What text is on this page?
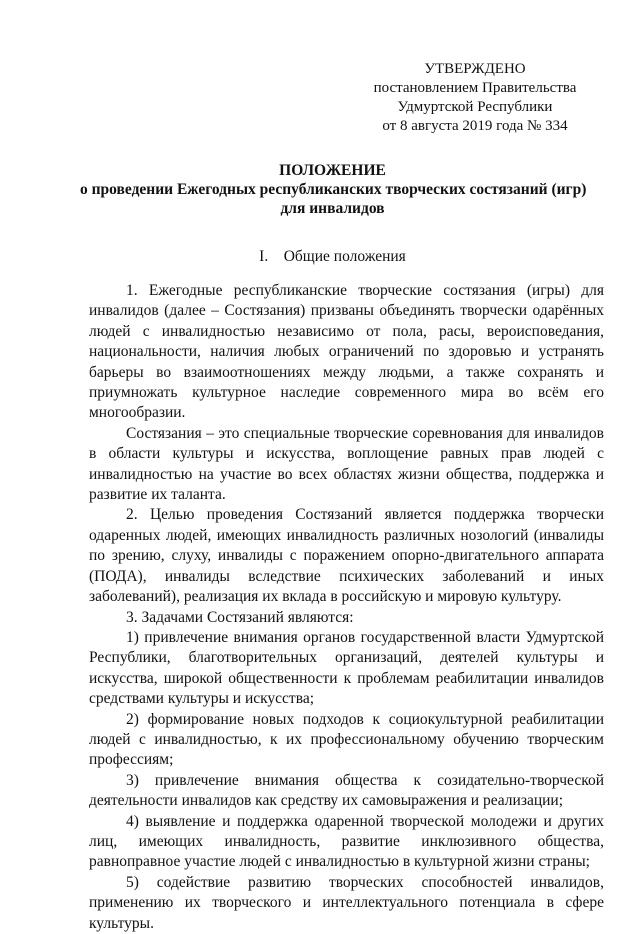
УТВЕРЖДЕНО
постановлением Правительства
Удмуртской Республики
от 8 августа 2019 года № 334
ПОЛОЖЕНИЕ
о проведении Ежегодных республиканских творческих состязаний (игр)
для инвалидов
I.    Общие положения

1. Ежегодные республиканские творческие состязания (игры) для инвалидов (далее – Состязания) призваны объединять творчески одарённых людей с инвалидностью независимо от пола, расы, вероисповедания, национальности, наличия любых ограничений по здоровью и устранять барьеры во взаимоотношениях между людьми, а также сохранять и приумножать культурное наследие современного мира во всём его многообразии.

Состязания – это специальные творческие соревнования для инвалидов в области культуры и искусства, воплощение равных прав людей с инвалидностью на участие во всех областях жизни общества, поддержка и развитие их таланта.

2. Целью проведения Состязаний является поддержка творчески одаренных людей, имеющих инвалидность различных нозологий (инвалиды по зрению, слуху, инвалиды с поражением опорно-двигательного аппарата (ПОДА), инвалиды вследствие психических заболеваний и иных заболеваний), реализация их вклада в российскую и мировую культуру.

3. Задачами Состязаний являются:

1) привлечение внимания органов государственной власти Удмуртской Республики, благотворительных организаций, деятелей культуры и искусства, широкой общественности к проблемам реабилитации инвалидов средствами культуры и искусства;

2) формирование новых подходов к социокультурной реабилитации людей с инвалидностью, к их профессиональному обучению творческим профессиям;

3) привлечение внимания общества к созидательно-творческой деятельности инвалидов как средству их самовыражения и реализации;

4) выявление и поддержка одаренной творческой молодежи и других лиц, имеющих инвалидность, развитие инклюзивного общества, равноправное участие людей с инвалидностью в культурной жизни страны;

5) содействие развитию творческих способностей инвалидов, применению их творческого и интеллектуального потенциала в сфере культуры.
